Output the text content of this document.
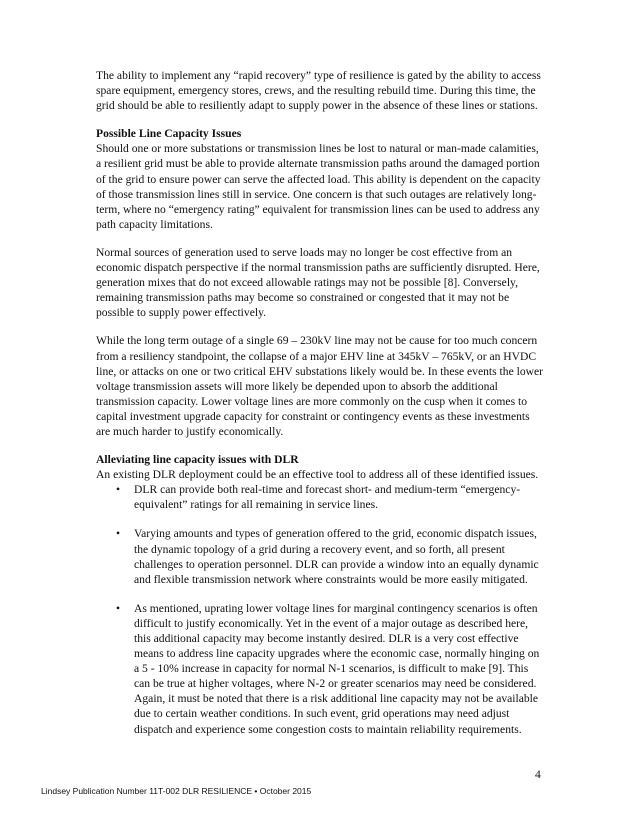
The ability to implement any “rapid recovery” type of resilience is gated by the ability to access spare equipment, emergency stores, crews, and the resulting rebuild time. During this time, the grid should be able to resiliently adapt to supply power in the absence of these lines or stations.

Possible Line Capacity Issues

Should one or more substations or transmission lines be lost to natural or man-made calamities, a resilient grid must be able to provide alternate transmission paths around the damaged portion of the grid to ensure power can serve the affected load. This ability is dependent on the capacity of those transmission lines still in service. One concern is that such outages are relatively long-term, where no “emergency rating” equivalent for transmission lines can be used to address any path capacity limitations.

Normal sources of generation used to serve loads may no longer be cost effective from an economic dispatch perspective if the normal transmission paths are sufficiently disrupted. Here, generation mixes that do not exceed allowable ratings may not be possible [8]. Conversely, remaining transmission paths may become so constrained or congested that it may not be possible to supply power effectively.

While the long term outage of a single 69 – 230kV line may not be cause for too much concern from a resiliency standpoint, the collapse of a major EHV line at 345kV – 765kV, or an HVDC line, or attacks on one or two critical EHV substations likely would be. In these events the lower voltage transmission assets will more likely be depended upon to absorb the additional transmission capacity. Lower voltage lines are more commonly on the cusp when it comes to capital investment upgrade capacity for constraint or contingency events as these investments are much harder to justify economically.

Alleviating line capacity issues with DLR

An existing DLR deployment could be an effective tool to address all of these identified issues.

• DLR can provide both real-time and forecast short- and medium-term “emergency-equivalent” ratings for all remaining in service lines.
• Varying amounts and types of generation offered to the grid, economic dispatch issues, the dynamic topology of a grid during a recovery event, and so forth, all present challenges to operation personnel. DLR can provide a window into an equally dynamic and flexible transmission network where constraints would be more easily mitigated.
• As mentioned, uprating lower voltage lines for marginal contingency scenarios is often difficult to justify economically. Yet in the event of a major outage as described here, this additional capacity may become instantly desired. DLR is a very cost effective means to address line capacity upgrades where the economic case, normally hinging on a 5 - 10% increase in capacity for normal N-1 scenarios, is difficult to make [9]. This can be true at higher voltages, where N-2 or greater scenarios may need be considered. Again, it must be noted that there is a risk additional line capacity may not be available due to certain weather conditions. In such event, grid operations may need adjust dispatch and experience some congestion costs to maintain reliability requirements.
4
Lindsey Publication Number 11T-002 DLR RESILIENCE • October 2015
